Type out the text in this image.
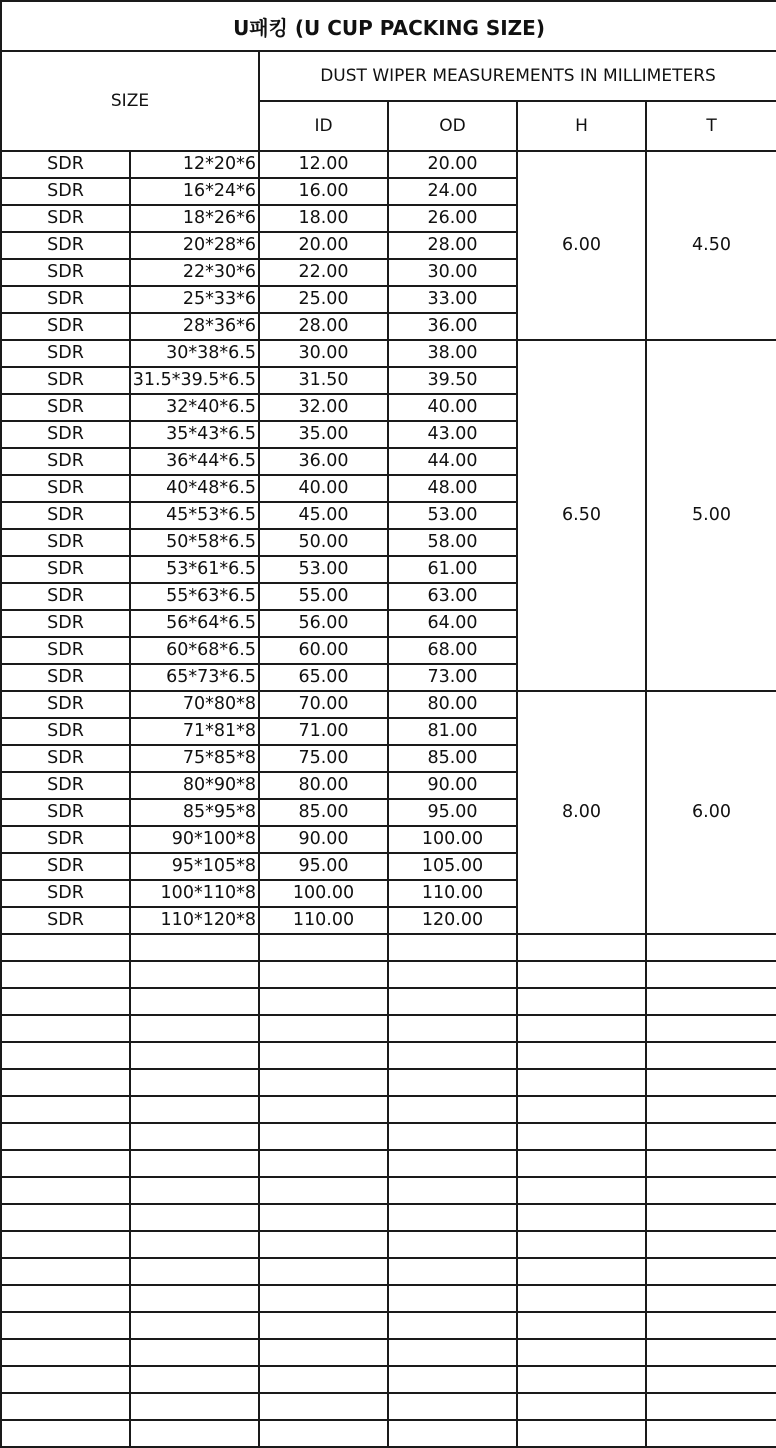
U패킹 (U CUP PACKING SIZE)					
SIZE		DUST WIPER MEASUREMENTS IN MILLIMETERS			
		ID	OD	H	T
SDR	12*20*6	12.00	20.00	6.00	4.50
SDR	16*24*6	16.00	24.00		
SDR	18*26*6	18.00	26.00		
SDR	20*28*6	20.00	28.00		
SDR	22*30*6	22.00	30.00		
SDR	25*33*6	25.00	33.00		
SDR	28*36*6	28.00	36.00		
SDR	30*38*6.5	30.00	38.00	6.50	5.00
SDR	31.5*39.5*6.5	31.50	39.50		
SDR	32*40*6.5	32.00	40.00		
SDR	35*43*6.5	35.00	43.00		
SDR	36*44*6.5	36.00	44.00		
SDR	40*48*6.5	40.00	48.00		
SDR	45*53*6.5	45.00	53.00		
SDR	50*58*6.5	50.00	58.00		
SDR	53*61*6.5	53.00	61.00		
SDR	55*63*6.5	55.00	63.00		
SDR	56*64*6.5	56.00	64.00		
SDR	60*68*6.5	60.00	68.00		
SDR	65*73*6.5	65.00	73.00		
SDR	70*80*8	70.00	80.00	8.00	6.00
SDR	71*81*8	71.00	81.00		
SDR	75*85*8	75.00	85.00		
SDR	80*90*8	80.00	90.00		
SDR	85*95*8	85.00	95.00		
SDR	90*100*8	90.00	100.00		
SDR	95*105*8	95.00	105.00		
SDR	100*110*8	100.00	110.00		
SDR	110*120*8	110.00	120.00		
